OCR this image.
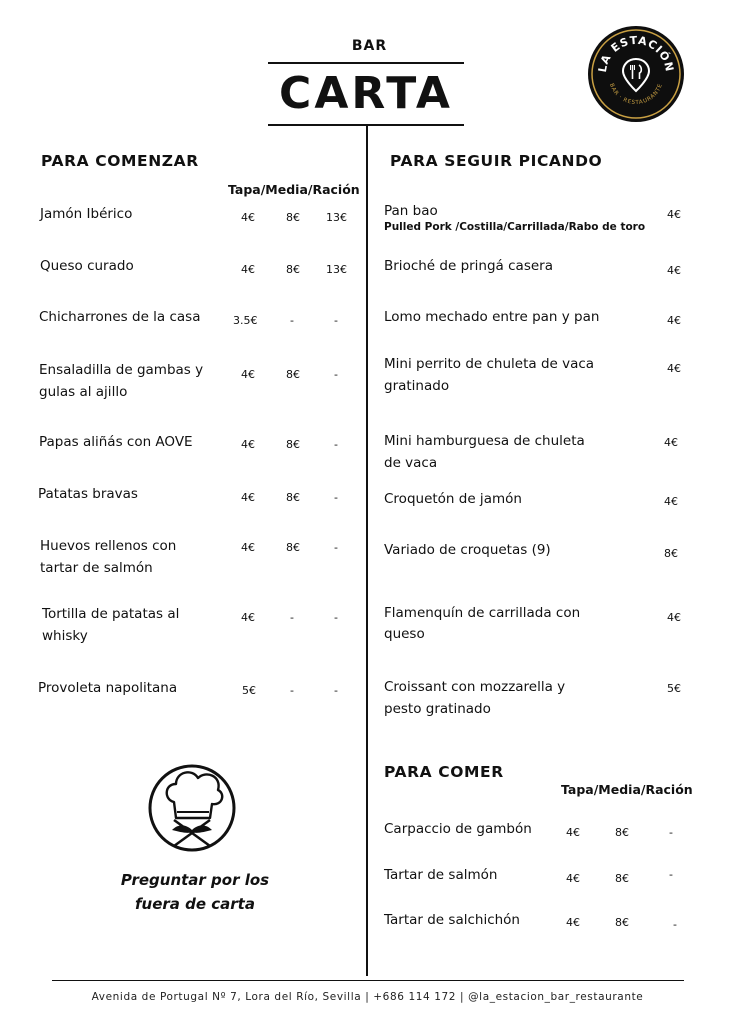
BAR
CARTA	LA ESTACIÓN
BAR · RESTAURANTE
PARA COMENZAR
Tapa/Media/Ración
Jamón Ibérico	4€	8€ 13€
Queso curado	4€	8€ 13€
Chicharrones de la casa	3.5€	-	-
Ensaladilla de gambas y
gulas al ajillo
4€	8€	-
Papas aliñás con AOVE	4€	8€	-
Patatas bravas	4€	8€	-
Huevos rellenos con
tartar de salmón
4€	8€	-
Tortilla de patatas al
whisky
4€	-	-
Provoleta napolitana	5€	-	-
Preguntar por los
fuera de carta
PARA SEGUIR PICANDO
Pan bao
Pulled Pork /Costilla/Carrillada/Rabo de toro
4€
Brioché de pringá casera	4€
Lomo mechado entre pan y pan	4€
Mini perrito de chuleta de vaca
gratinado
4€
Mini hamburguesa de chuleta
de vaca
4€
Croquetón de jamón	4€
Variado de croquetas (9)	8€
Flamenquín de carrillada con
queso
4€
Croissant con mozzarella y
pesto gratinado
5€
PARA COMER
Tapa/Media/Ración
Carpaccio de gambón	4€	8€	-
Tartar de salmón	4€	8€	-
Tartar de salchichón	4€	8€	-
Avenida de Portugal Nº 7, Lora del Río, Sevilla | +686 114 172 | @la_estacion_bar_restaurante
